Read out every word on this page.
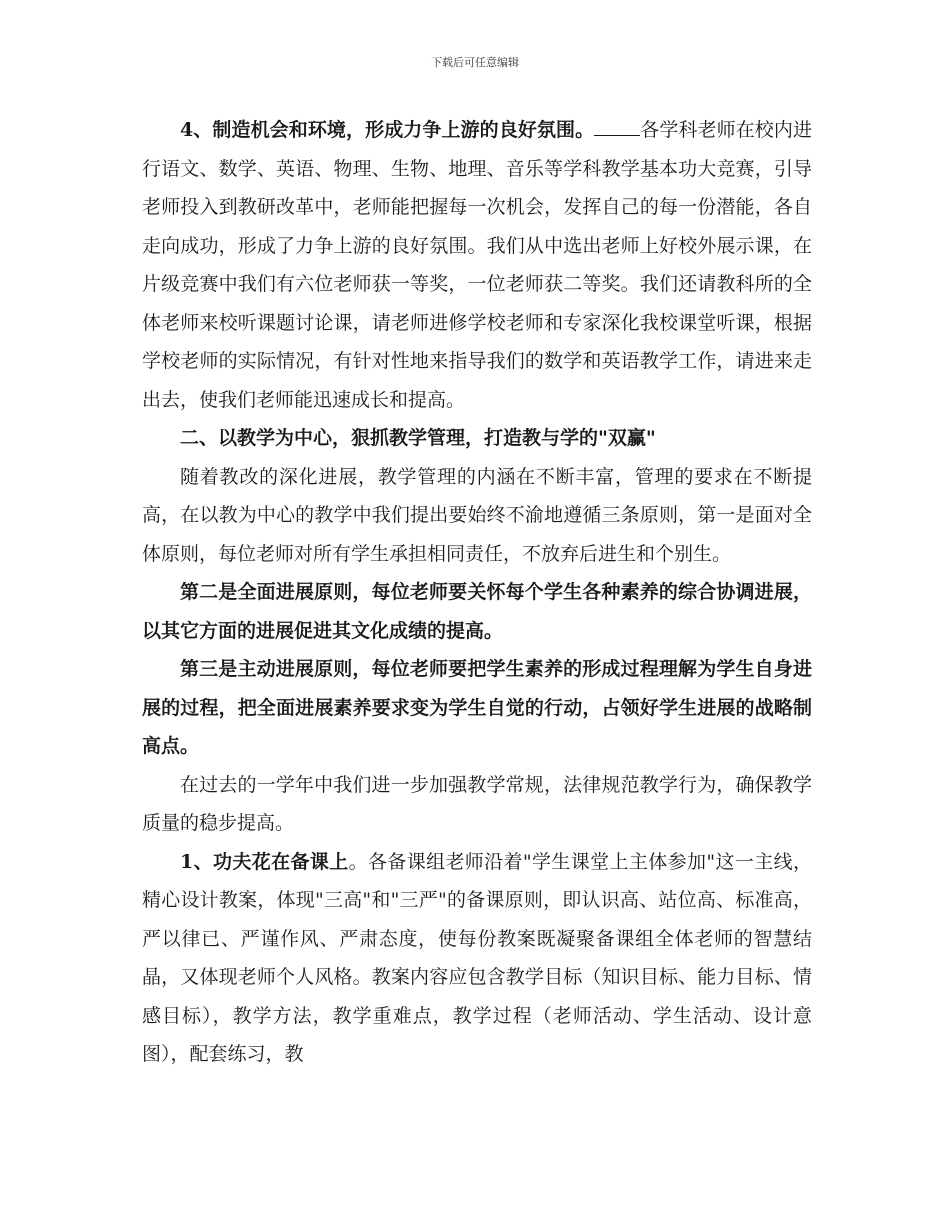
下载后可任意编辑

4、制造机会和环境，形成力争上游的良好氛围。 各学科老师在校内进行语文、数学、英语、物理、生物、地理、音乐等学科教学基本功大竞赛，引导老师投入到教研改革中，老师能把握每一次机会，发挥自己的每一份潜能，各自走向成功，形成了力争上游的良好氛围。我们从中选出老师上好校外展示课，在片级竞赛中我们有六位老师获一等奖，一位老师获二等奖。我们还请教科所的全体老师来校听课题讨论课，请老师进修学校老师和专家深化我校课堂听课，根据学校老师的实际情况，有针对性地来指导我们的数学和英语教学工作，请进来走出去，使我们老师能迅速成长和提高。

二、以教学为中心，狠抓教学管理，打造教与学的"双赢"

随着教改的深化进展，教学管理的内涵在不断丰富，管理的要求在不断提高，在以教为中心的教学中我们提出要始终不渝地遵循三条原则，第一是面对全体原则，每位老师对所有学生承担相同责任，不放弃后进生和个别生。

第二是全面进展原则，每位老师要关怀每个学生各种素养的综合协调进展，以其它方面的进展促进其文化成绩的提高。

第三是主动进展原则，每位老师要把学生素养的形成过程理解为学生自身进展的过程，把全面进展素养要求变为学生自觉的行动，占领好学生进展的战略制高点。

在过去的一学年中我们进一步加强教学常规，法律规范教学行为，确保教学质量的稳步提高。

1、功夫花在备课上。各备课组老师沿着"学生课堂上主体参加"这一主线，精心设计教案，体现"三高"和"三严"的备课原则，即认识高、站位高、标准高，严以律已、严谨作风、严肃态度，使每份教案既凝聚备课组全体老师的智慧结晶，又体现老师个人风格。教案内容应包含教学目标（知识目标、能力目标、情感目标），教学方法，教学重难点，教学过程（老师活动、学生活动、设计意图），配套练习，教
